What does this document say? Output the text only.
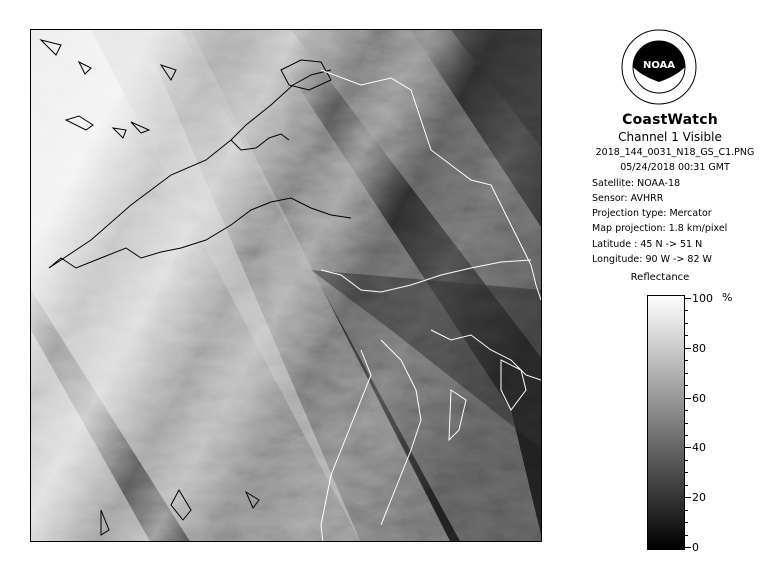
NOAA
CoastWatch
Channel 1 Visible
2018_144_0031_N18_GS_C1.PNG
05/24/2018 00:31 GMT
Satellite: NOAA-18
Sensor: AVHRR
Projection type: Mercator
Map projection: 1.8 km/pixel
Latitude : 45 N -> 51 N
Longitude: 90 W -> 82 W
Reflectance
%
100
80
60
40
20
0
